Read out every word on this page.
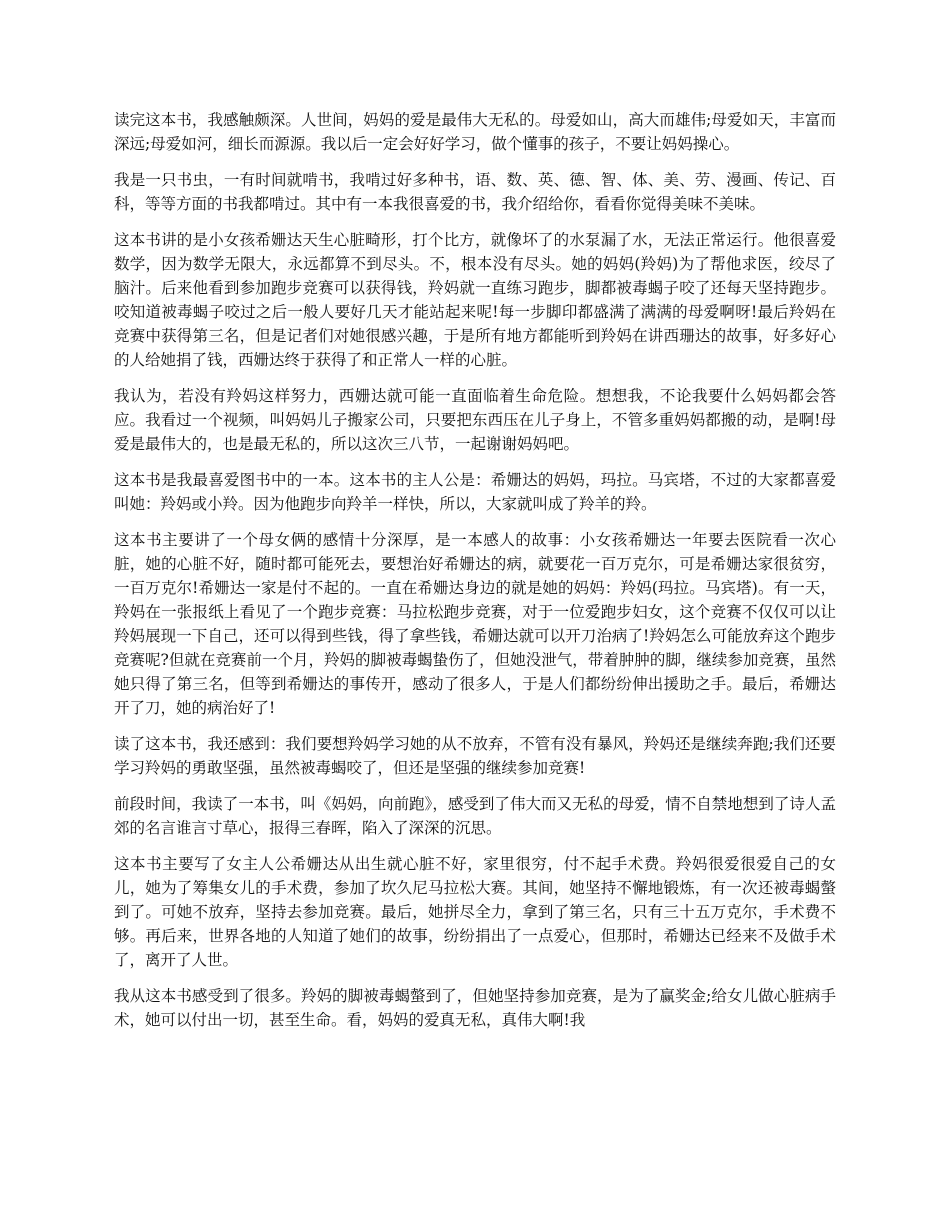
读完这本书，我感触颇深。人世间，妈妈的爱是最伟大无私的。母爱如山，高大而雄伟;母爱如天，丰富而深远;母爱如河，细长而源源。我以后一定会好好学习，做个懂事的孩子，不要让妈妈操心。

我是一只书虫，一有时间就啃书，我啃过好多种书，语、数、英、德、智、体、美、劳、漫画、传记、百科，等等方面的书我都啃过。其中有一本我很喜爱的书，我介绍给你，看看你觉得美味不美味。

这本书讲的是小女孩希姗达天生心脏畸形，打个比方，就像坏了的水泵漏了水，无法正常运行。他很喜爱数学，因为数学无限大，永远都算不到尽头。不，根本没有尽头。她的妈妈(羚妈)为了帮他求医，绞尽了脑汁。后来他看到参加跑步竞赛可以获得钱，羚妈就一直练习跑步，脚都被毒蝎子咬了还每天坚持跑步。咬知道被毒蝎子咬过之后一般人要好几天才能站起来呢!每一步脚印都盛满了满满的母爱啊呀!最后羚妈在竞赛中获得第三名，但是记者们对她很感兴趣，于是所有地方都能听到羚妈在讲西珊达的故事，好多好心的人给她捐了钱，西姗达终于获得了和正常人一样的心脏。

我认为，若没有羚妈这样努力，西姗达就可能一直面临着生命危险。想想我，不论我要什么妈妈都会答应。我看过一个视频，叫妈妈儿子搬家公司，只要把东西压在儿子身上，不管多重妈妈都搬的动，是啊!母爱是最伟大的，也是最无私的，所以这次三八节，一起谢谢妈妈吧。

这本书是我最喜爱图书中的一本。这本书的主人公是：希姗达的妈妈，玛拉。马宾塔，不过的大家都喜爱叫她：羚妈或小羚。因为他跑步向羚羊一样快，所以，大家就叫成了羚羊的羚。

这本书主要讲了一个母女俩的感情十分深厚，是一本感人的故事：小女孩希姗达一年要去医院看一次心脏，她的心脏不好，随时都可能死去，要想治好希姗达的病，就要花一百万克尔，可是希姗达家很贫穷，一百万克尔!希姗达一家是付不起的。一直在希姗达身边的就是她的妈妈：羚妈(玛拉。马宾塔)。有一天，羚妈在一张报纸上看见了一个跑步竞赛：马拉松跑步竞赛，对于一位爱跑步妇女，这个竞赛不仅仅可以让羚妈展现一下自己，还可以得到些钱，得了拿些钱，希姗达就可以开刀治病了!羚妈怎么可能放弃这个跑步竞赛呢?但就在竞赛前一个月，羚妈的脚被毒蝎蛰伤了，但她没泄气，带着肿肿的脚，继续参加竞赛，虽然她只得了第三名，但等到希姗达的事传开，感动了很多人，于是人们都纷纷伸出援助之手。最后，希姗达开了刀，她的病治好了!

读了这本书，我还感到：我们要想羚妈学习她的从不放弃，不管有没有暴风，羚妈还是继续奔跑;我们还要学习羚妈的勇敢坚强，虽然被毒蝎咬了，但还是坚强的继续参加竞赛!

前段时间，我读了一本书，叫《妈妈，向前跑》，感受到了伟大而又无私的母爱，情不自禁地想到了诗人孟郊的名言谁言寸草心，报得三春晖，陷入了深深的沉思。

这本书主要写了女主人公希姗达从出生就心脏不好，家里很穷，付不起手术费。羚妈很爱很爱自己的女儿，她为了筹集女儿的手术费，参加了坎久尼马拉松大赛。其间，她坚持不懈地锻炼，有一次还被毒蝎螫到了。可她不放弃，坚持去参加竞赛。最后，她拼尽全力，拿到了第三名，只有三十五万克尔，手术费不够。再后来，世界各地的人知道了她们的故事，纷纷捐出了一点爱心，但那时，希姗达已经来不及做手术了，离开了人世。

我从这本书感受到了很多。羚妈的脚被毒蝎螫到了，但她坚持参加竞赛，是为了赢奖金;给女儿做心脏病手术，她可以付出一切，甚至生命。看，妈妈的爱真无私，真伟大啊!我
